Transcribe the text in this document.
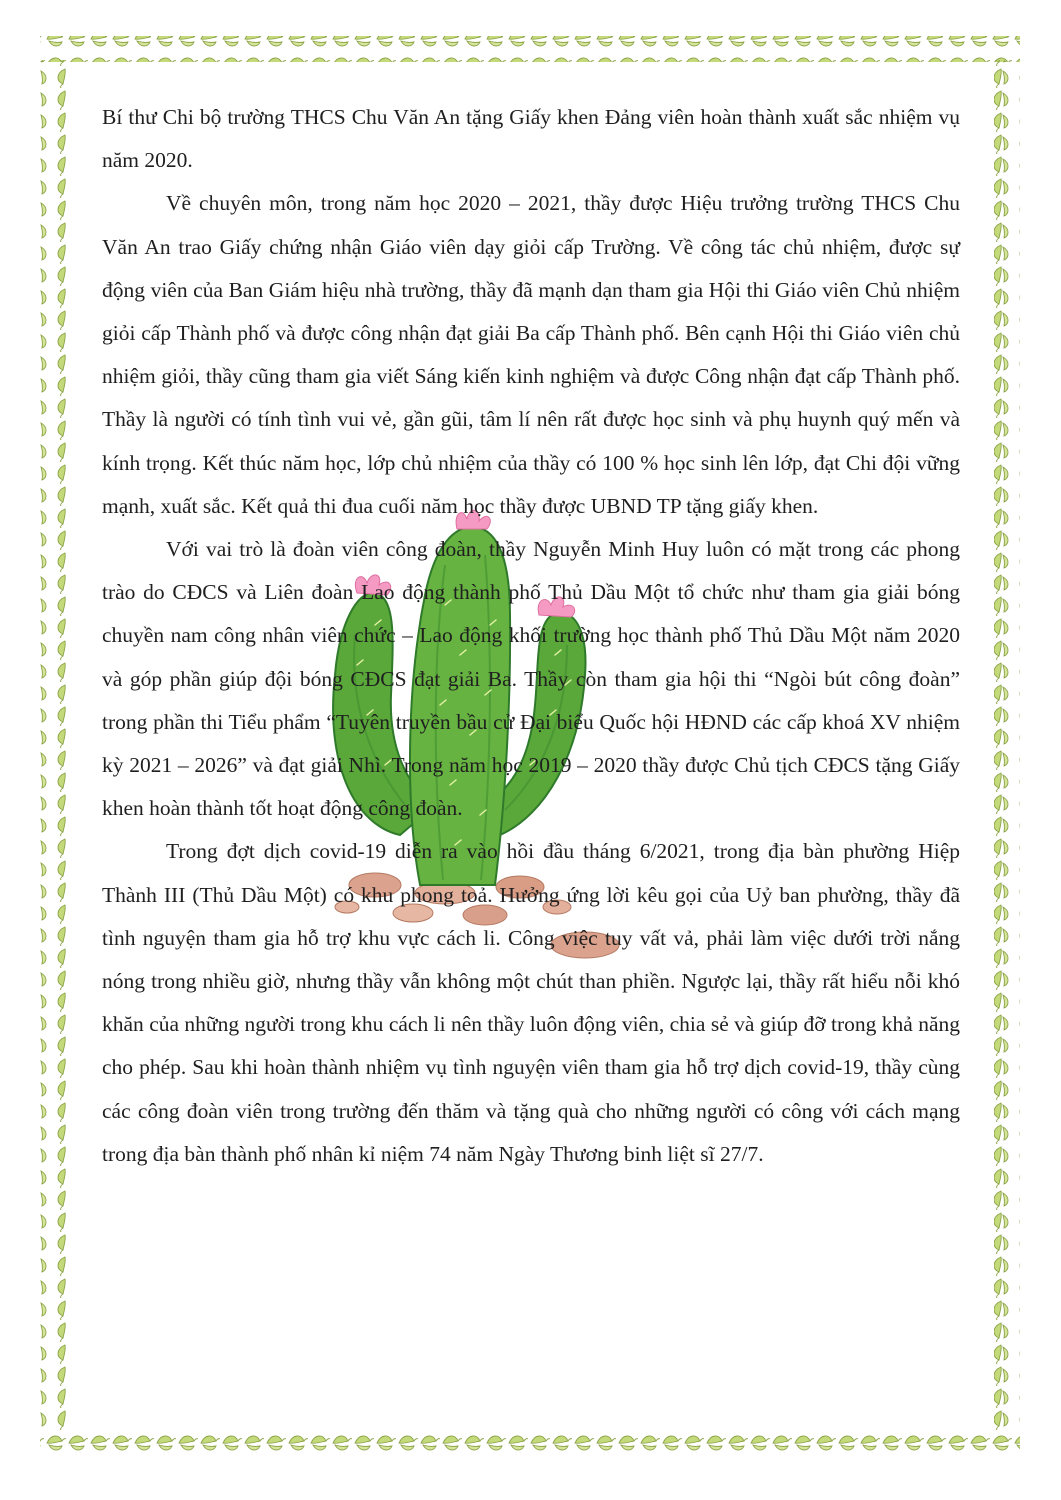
Bí thư Chi bộ trường THCS Chu Văn An tặng Giấy khen Đảng viên hoàn thành xuất sắc nhiệm vụ năm 2020.

Về chuyên môn, trong năm học 2020 – 2021, thầy được Hiệu trưởng trường THCS Chu Văn An trao Giấy chứng nhận Giáo viên dạy giỏi cấp Trường. Về công tác chủ nhiệm, được sự động viên của Ban Giám hiệu nhà trường, thầy đã mạnh dạn tham gia Hội thi Giáo viên Chủ nhiệm giỏi cấp Thành phố và được công nhận đạt giải Ba cấp Thành phố. Bên cạnh Hội thi Giáo viên chủ nhiệm giỏi, thầy cũng tham gia viết Sáng kiến kinh nghiệm và được Công nhận đạt cấp Thành phố. Thầy là người có tính tình vui vẻ, gần gũi, tâm lí nên rất được học sinh và phụ huynh quý mến và kính trọng. Kết thúc năm học, lớp chủ nhiệm của thầy có 100 % học sinh lên lớp, đạt Chi đội vững mạnh, xuất sắc. Kết quả thi đua cuối năm học thầy được UBND TP tặng giấy khen.

Với vai trò là đoàn viên công đoàn, thầy Nguyễn Minh Huy luôn có mặt trong các phong trào do CĐCS và Liên đoàn Lao động thành phố Thủ Dầu Một tổ chức như tham gia giải bóng chuyền nam công nhân viên chức – Lao động khối trường học thành phố Thủ Dầu Một năm 2020 và góp phần giúp đội bóng CĐCS đạt giải Ba. Thầy còn tham gia hội thi “Ngòi bút công đoàn” trong phần thi Tiểu phẩm “Tuyên truyền bầu cử Đại biểu Quốc hội HĐND các cấp khoá XV nhiệm kỳ 2021 – 2026” và đạt giải Nhì. Trong năm học 2019 – 2020 thầy được Chủ tịch CĐCS tặng Giấy khen hoàn thành tốt hoạt động công đoàn.

Trong đợt dịch covid-19 diễn ra vào hồi đầu tháng 6/2021, trong địa bàn phường Hiệp Thành III (Thủ Dầu Một) có khu phong toả. Hưởng ứng lời kêu gọi của Uỷ ban phường, thầy đã tình nguyện tham gia hỗ trợ khu vực cách li. Công việc tuy vất vả, phải làm việc dưới trời nắng nóng trong nhiều giờ, nhưng thầy vẫn không một chút than phiền. Ngược lại, thầy rất hiểu nỗi khó khăn của những người trong khu cách li nên thầy luôn động viên, chia sẻ và giúp đỡ trong khả năng cho phép. Sau khi hoàn thành nhiệm vụ tình nguyện viên tham gia hỗ trợ dịch covid-19, thầy cùng các công đoàn viên trong trường đến thăm và tặng quà cho những người có công với cách mạng trong địa bàn thành phố nhân kỉ niệm 74 năm Ngày Thương binh liệt sĩ 27/7.
